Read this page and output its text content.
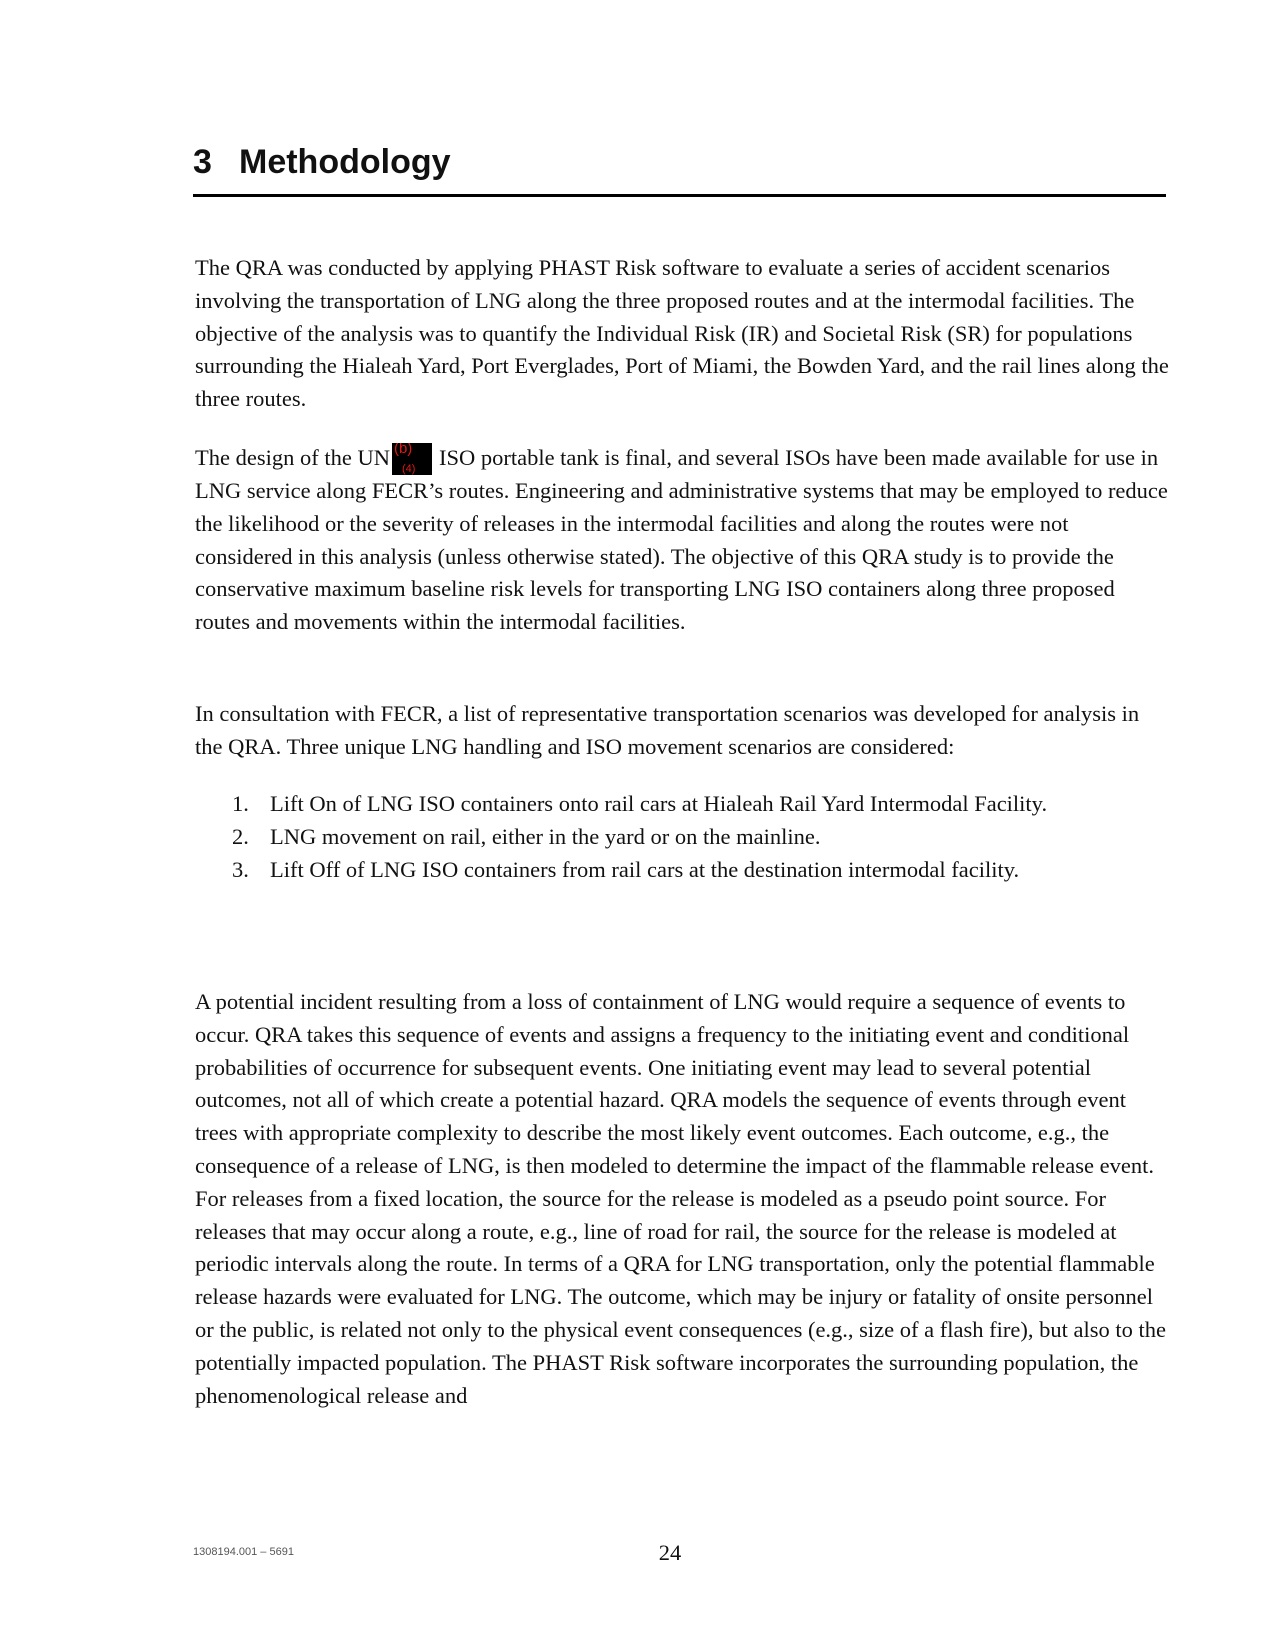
3 Methodology

The QRA was conducted by applying PHAST Risk software to evaluate a series of accident scenarios involving the transportation of LNG along the three proposed routes and at the intermodal facilities. The objective of the analysis was to quantify the Individual Risk (IR) and Societal Risk (SR) for populations surrounding the Hialeah Yard, Port Everglades, Port of Miami, the Bowden Yard, and the rail lines along the three routes.

The design of the UN (b)
(4) ISO portable tank is final, and several ISOs have been made available for use in LNG service along FECR’s routes. Engineering and administrative systems that may be employed to reduce the likelihood or the severity of releases in the intermodal facilities and along the routes were not considered in this analysis (unless otherwise stated). The objective of this QRA study is to provide the conservative maximum baseline risk levels for transporting LNG ISO containers along three proposed routes and movements within the intermodal facilities.

In consultation with FECR, a list of representative transportation scenarios was developed for analysis in the QRA. Three unique LNG handling and ISO movement scenarios are considered:

1. Lift On of LNG ISO containers onto rail cars at Hialeah Rail Yard Intermodal Facility.
2. LNG movement on rail, either in the yard or on the mainline.
3. Lift Off of LNG ISO containers from rail cars at the destination intermodal facility.

A potential incident resulting from a loss of containment of LNG would require a sequence of events to occur. QRA takes this sequence of events and assigns a frequency to the initiating event and conditional probabilities of occurrence for subsequent events. One initiating event may lead to several potential outcomes, not all of which create a potential hazard. QRA models the sequence of events through event trees with appropriate complexity to describe the most likely event outcomes. Each outcome, e.g., the consequence of a release of LNG, is then modeled to determine the impact of the flammable release event. For releases from a fixed location, the source for the release is modeled as a pseudo point source. For releases that may occur along a route, e.g., line of road for rail, the source for the release is modeled at periodic intervals along the route. In terms of a QRA for LNG transportation, only the potential flammable release hazards were evaluated for LNG. The outcome, which may be injury or fatality of onsite personnel or the public, is related not only to the physical event consequences (e.g., size of a flash fire), but also to the potentially impacted population. The PHAST Risk software incorporates the surrounding population, the phenomenological release and

1308194.001 – 5691	24
